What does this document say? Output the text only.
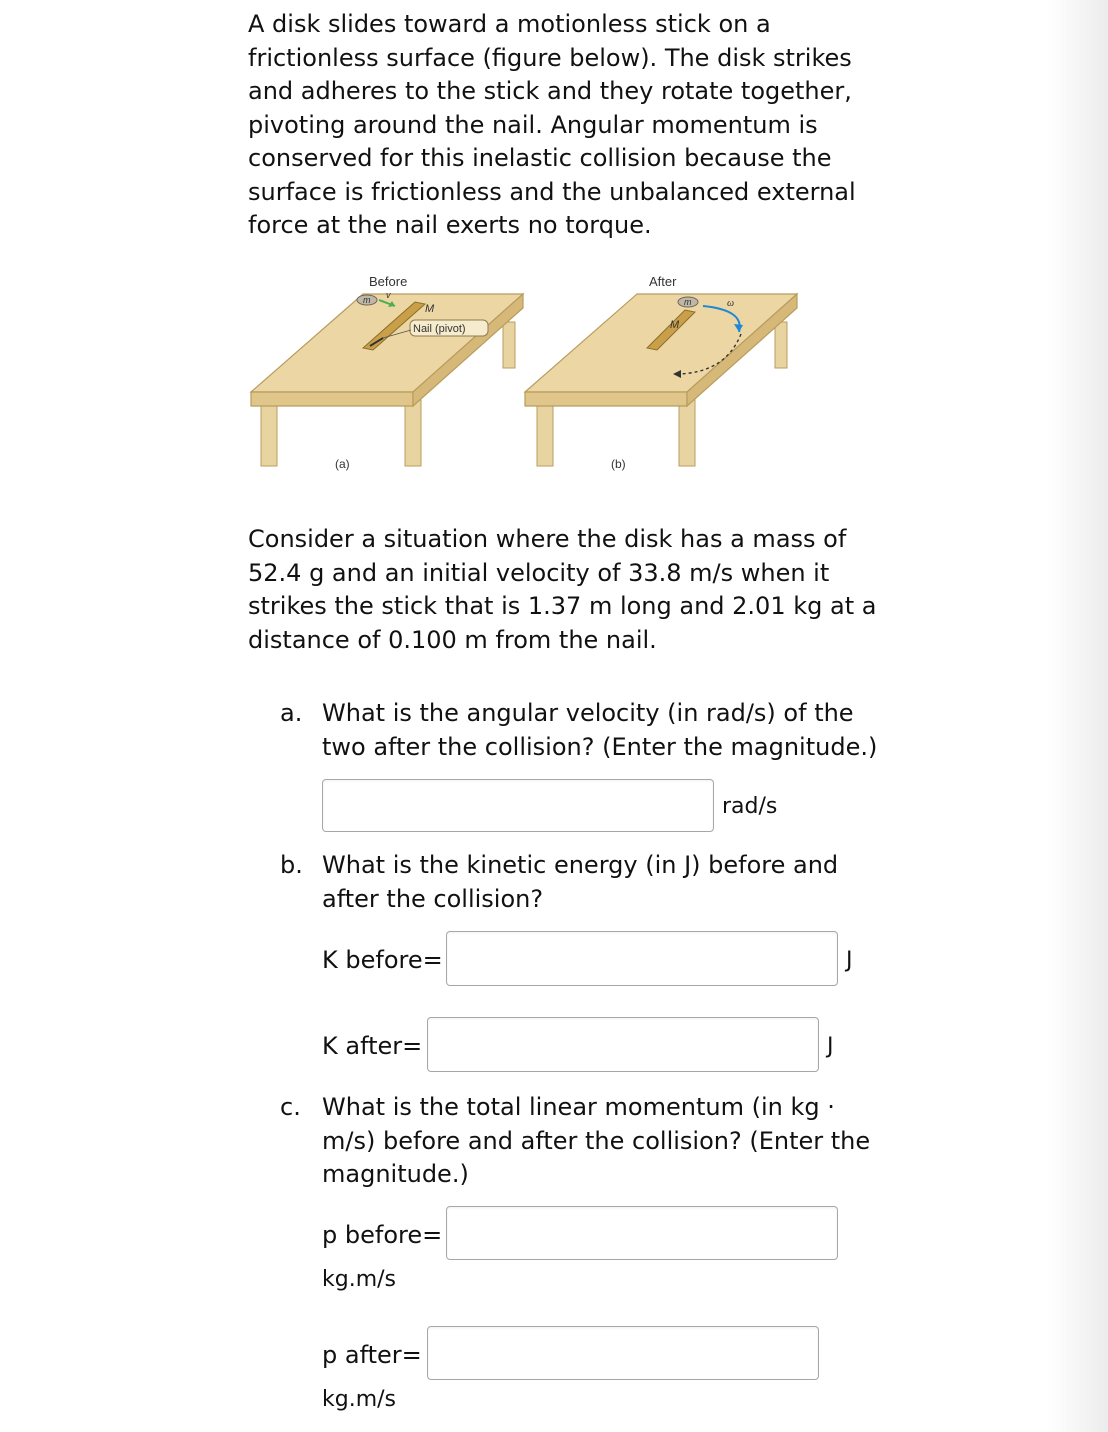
A disk slides toward a motionless stick on a frictionless surface (figure below). The disk strikes and adheres to the stick and they rotate together, pivoting around the nail. Angular momentum is conserved for this inelastic collision because the surface is frictionless and the unbalanced external force at the nail exerts no torque.

m v
M
Nail (pivot)
Before
(a)
m
M
ω
After
(b)

Consider a situation where the disk has a mass of 52.4 g and an initial velocity of 33.8 m/s when it strikes the stick that is 1.37 m long and 2.01 kg at a distance of 0.100 m from the nail.

a. What is the angular velocity (in rad/s) of the two after the collision? (Enter the magnitude.)
rad/s
b. What is the kinetic energy (in J) before and after the collision?
K before=	J
K after=	J
c. What is the total linear momentum (in kg · m/s) before and after the collision? (Enter the magnitude.)
p before=
kg.m/s
p after=
kg.m/s
